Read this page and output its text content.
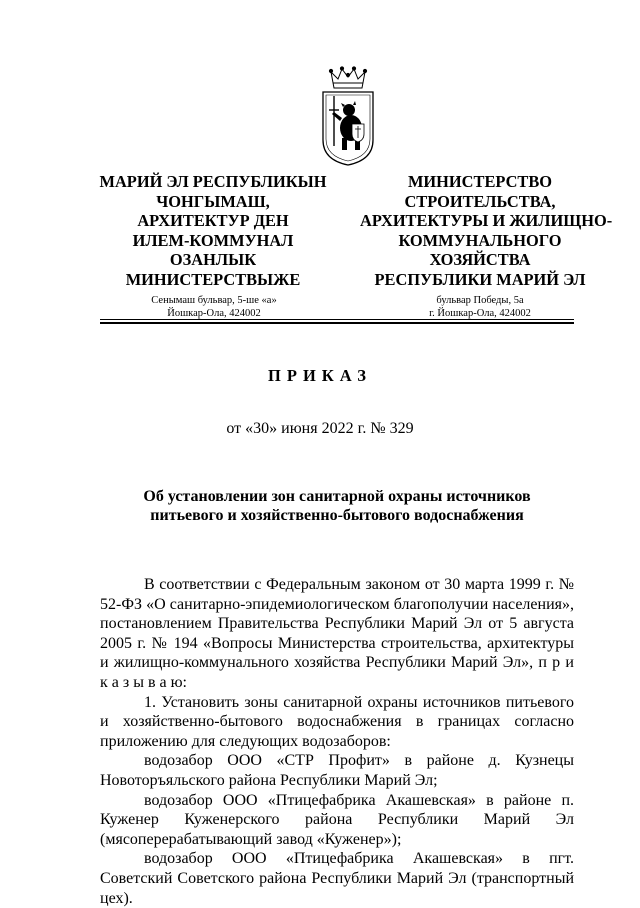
МАРИЙ ЭЛ РЕСПУБЛИКЫН
ЧОНГЫМАШ,
АРХИТЕКТУР ДЕН
ИЛЕМ-КОММУНАЛ
ОЗАНЛЫК
МИНИСТЕРСТВЫЖЕ
МИНИСТЕРСТВО
СТРОИТЕЛЬСТВА,
АРХИТЕКТУРЫ И ЖИЛИЩНО-
КОММУНАЛЬНОГО
ХОЗЯЙСТВА
РЕСПУБЛИКИ МАРИЙ ЭЛ
Сенымаш бульвар, 5-ше «а»
Йошкар-Ола, 424002
бульвар Победы, 5а
г. Йошкар-Ола, 424002
ПРИКАЗ
от «30» июня 2022 г. № 329
Об установлении зон санитарной охраны источников
питьевого и хозяйственно-бытового водоснабжения

В соответствии с Федеральным законом от 30 марта 1999 г. № 52-ФЗ «О санитарно-эпидемиологическом благополучии населения», постановлением Правительства Республики Марий Эл от 5 августа 2005 г. № 194 «Вопросы Министерства строительства, архитектуры и жилищно-коммунального хозяйства Республики Марий Эл», п р и к а з ы в а ю:

1. Установить зоны санитарной охраны источников питьевого и хозяйственно-бытового водоснабжения в границах согласно приложению для следующих водозаборов:

водозабор ООО «СТР Профит» в районе д. Кузнецы Новоторъяльского района Республики Марий Эл;

водозабор ООО «Птицефабрика Акашевская» в районе п. Куженер Куженерского района Республики Марий Эл (мясоперерабатывающий завод «Куженер»);

водозабор ООО «Птицефабрика Акашевская» в пгт. Советский Советского района Республики Марий Эл (транспортный цех).
